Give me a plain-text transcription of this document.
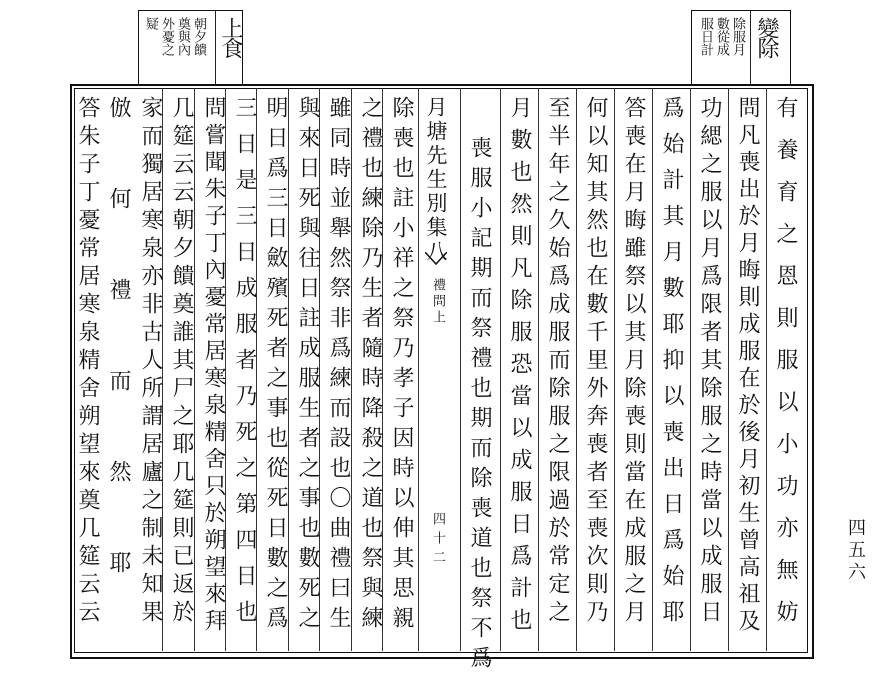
上食
朝夕饋
奠與內
外憂之
疑	變除
除服月
數從成
服日計
有養育之恩則服以小功亦無妨
問凡喪出於月晦則成服在於後月初生曾高祖及
功緦之服以月爲限者其除服之時當以成服日
爲始計其月數耶抑以喪出日爲始耶
答喪在月晦雖祭以其月除喪則當在成服之月
何以知其然也在數千里外奔喪者至喪次則乃
至半年之久始爲成服而除服之限過於常定之
月數也然則凡除服恐當以成服日爲計也
喪服小記期而祭禮也期而除喪道也祭不爲
月塘先生別集八
禮問上
四十二
除喪也註小祥之祭乃孝子因時以伸其思親
之禮也練除乃生者隨時降殺之道也祭與練
雖同時並舉然祭非爲練而設也〇曲禮曰生
與來日死與往日註成服生者之事也數死之
明日爲三日斂殯死者之事也從死日數之爲
三日是三日成服者乃死之第四日也
問嘗聞朱子丁內憂常居寒泉精舍只於朔望來拜
几筵云云朝夕饋奠誰其尸之耶几筵則已返於
家而獨居寒泉亦非古人所謂居廬之制未知果
倣何禮而然耶
答朱子丁憂常居寒泉精舍朔望來奠几筵云云	四五六
